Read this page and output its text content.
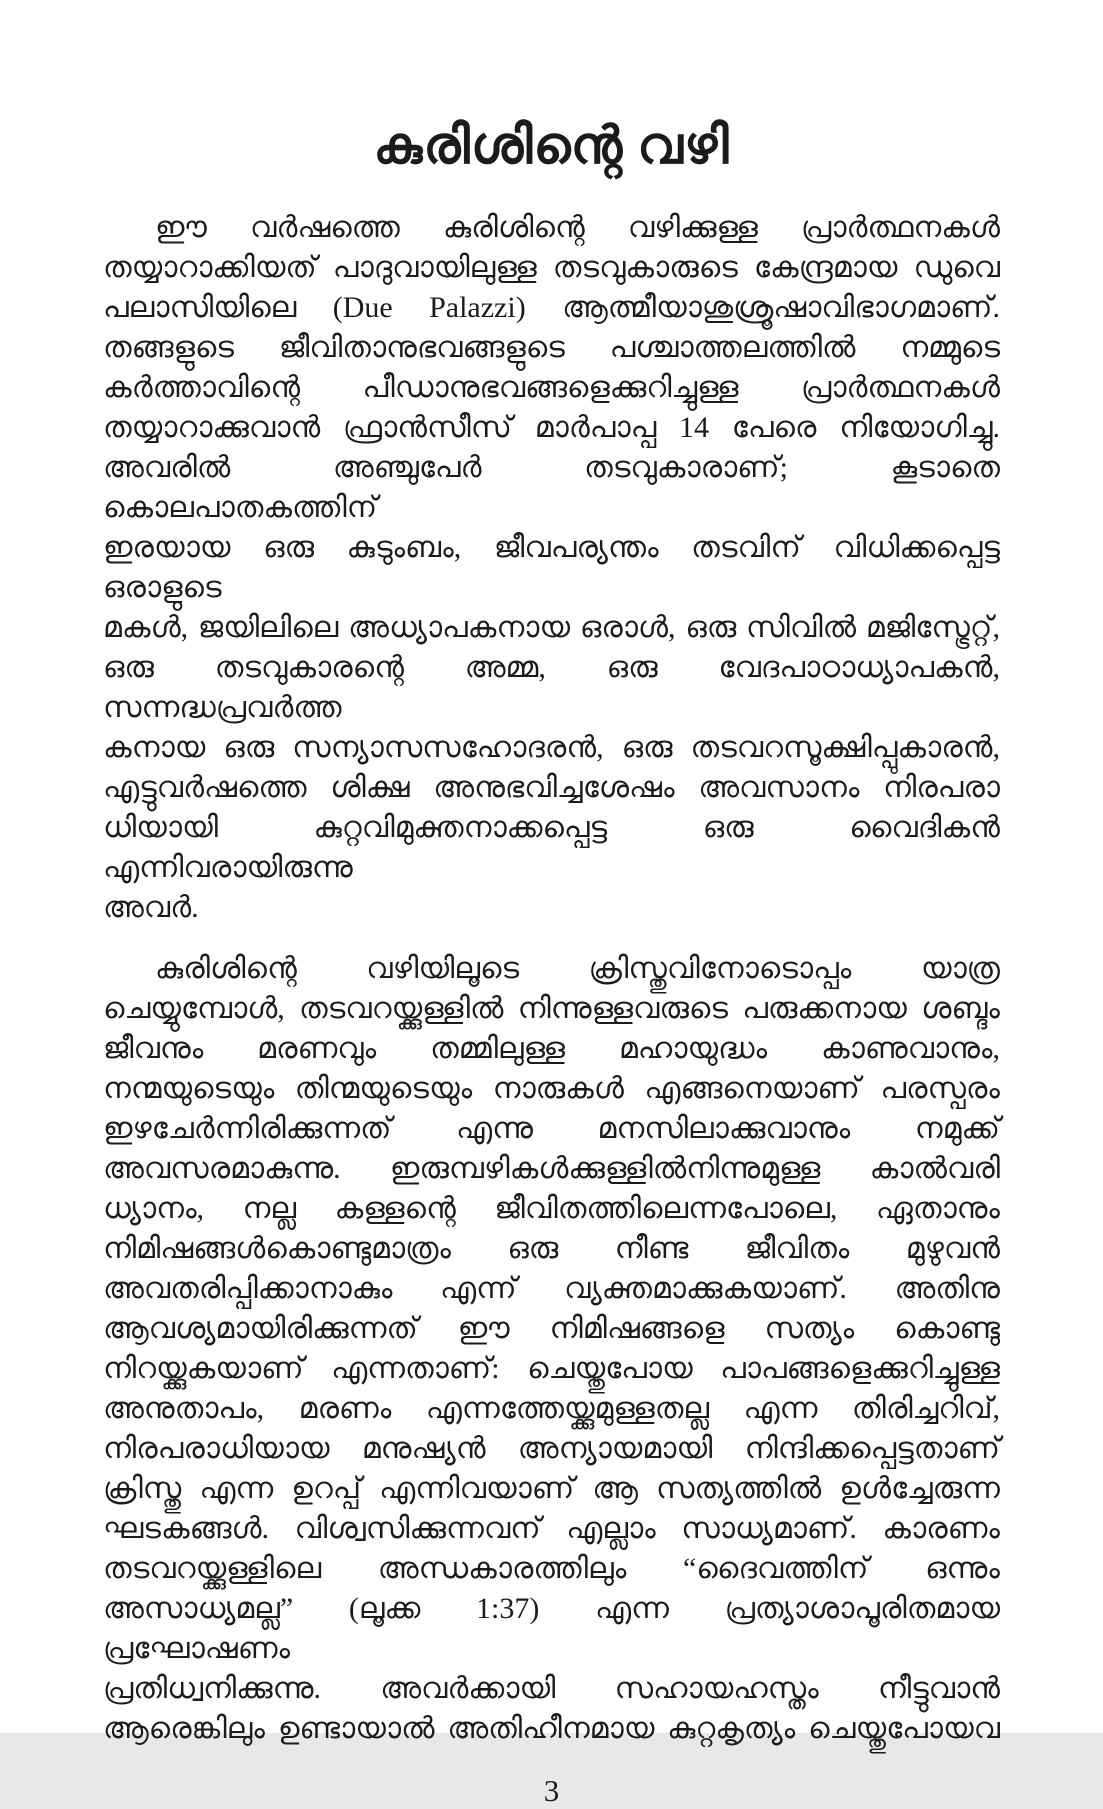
കുരിശിന്റെ വഴി
ഈ വർഷത്തെ കുരിശിന്റെ വഴിക്കുള്ള പ്രാർത്ഥനകൾ
തയ്യാറാക്കിയത് പാദുവായിലുള്ള തടവുകാരുടെ കേന്ദ്രമായ ഡുവെ
പലാസിയിലെ (Due Palazzi) ആത്മീയാശുശ്രൂഷാവിഭാഗമാണ്.
തങ്ങളുടെ ജീവിതാനുഭവങ്ങളുടെ പശ്ചാത്തലത്തിൽ നമ്മുടെ
കർത്താവിന്റെ പീഡാനുഭവങ്ങളെക്കുറിച്ചുള്ള പ്രാർത്ഥനകൾ
തയ്യാറാക്കുവാൻ ഫ്രാൻസീസ് മാർപാപ്പ 14 പേരെ നിയോഗിച്ചു.
അവരിൽ അഞ്ചുപേർ തടവുകാരാണ്; കൂടാതെ കൊലപാതകത്തിന്
ഇരയായ ഒരു കുടുംബം, ജീവപര്യന്തം തടവിന് വിധിക്കപ്പെട്ട ഒരാളുടെ
മകൾ, ജയിലിലെ അധ്യാപകനായ ഒരാൾ, ഒരു സിവിൽ മജിസ്ട്രേറ്റ്,
ഒരു തടവുകാരന്റെ അമ്മ, ഒരു വേദപാഠാധ്യാപകൻ, സന്നദ്ധപ്രവർത്ത
കനായ ഒരു സന്യാസസഹോദരൻ, ഒരു തടവറസൂക്ഷിപ്പുകാരൻ,
എട്ടുവർഷത്തെ ശിക്ഷ അനുഭവിച്ചശേഷം അവസാനം നിരപരാ
ധിയായി കുറ്റവിമുക്തനാക്കപ്പെട്ട ഒരു വൈദികൻ എന്നിവരായിരുന്നു
അവർ.
കുരിശിന്റെ വഴിയിലൂടെ ക്രിസ്തുവിനോടൊപ്പം യാത്ര
ചെയ്യുമ്പോൾ, തടവറയ്ക്കുള്ളിൽ നിന്നുള്ളവരുടെ പരുക്കനായ ശബ്ദം
ജീവനും മരണവും തമ്മിലുള്ള മഹായുദ്ധം കാണുവാനും,
നന്മയുടെയും തിന്മയുടെയും നാരുകൾ എങ്ങനെയാണ് പരസ്പരം
ഇഴചേർന്നിരിക്കുന്നത് എന്നു മനസിലാക്കുവാനും നമുക്ക്
അവസരമാകുന്നു. ഇരുമ്പഴികൾക്കുള്ളിൽനിന്നുമുള്ള കാൽവരി
ധ്യാനം, നല്ല കള്ളന്റെ ജീവിതത്തിലെന്നപോലെ, ഏതാനും
നിമിഷങ്ങൾകൊണ്ടുമാത്രം ഒരു നീണ്ട ജീവിതം മുഴുവൻ
അവതരിപ്പിക്കാനാകും എന്ന് വ്യക്തമാക്കുകയാണ്. അതിനു
ആവശ്യമായിരിക്കുന്നത് ഈ നിമിഷങ്ങളെ സത്യം കൊണ്ടു
നിറയ്ക്കുകയാണ് എന്നതാണ്: ചെയ്തുപോയ പാപങ്ങളെക്കുറിച്ചുള്ള
അനുതാപം, മരണം എന്നത്തേയ്ക്കുമുള്ളതല്ല എന്ന തിരിച്ചറിവ്,
നിരപരാധിയായ മനുഷ്യൻ അന്യായമായി നിന്ദിക്കപ്പെട്ടതാണ്
ക്രിസ്തു എന്ന ഉറപ്പ് എന്നിവയാണ് ആ സത്യത്തിൽ ഉൾച്ചേരുന്ന
ഘടകങ്ങൾ. വിശ്വസിക്കുന്നവന് എല്ലാം സാധ്യമാണ്. കാരണം
തടവറയ്ക്കുള്ളിലെ അന്ധകാരത്തിലും “ദൈവത്തിന് ഒന്നും
അസാധ്യമല്ല” (ലൂക്ക 1:37) എന്ന പ്രത്യാശാപൂരിതമായ പ്രഘോഷണം
പ്രതിധ്വനിക്കുന്നു. അവർക്കായി സഹായഹസ്തം നീട്ടുവാൻ
ആരെങ്കിലും ഉണ്ടായാൽ അതിഹീനമായ കുറ്റകൃത്യം ചെയ്തുപോയവ
3
